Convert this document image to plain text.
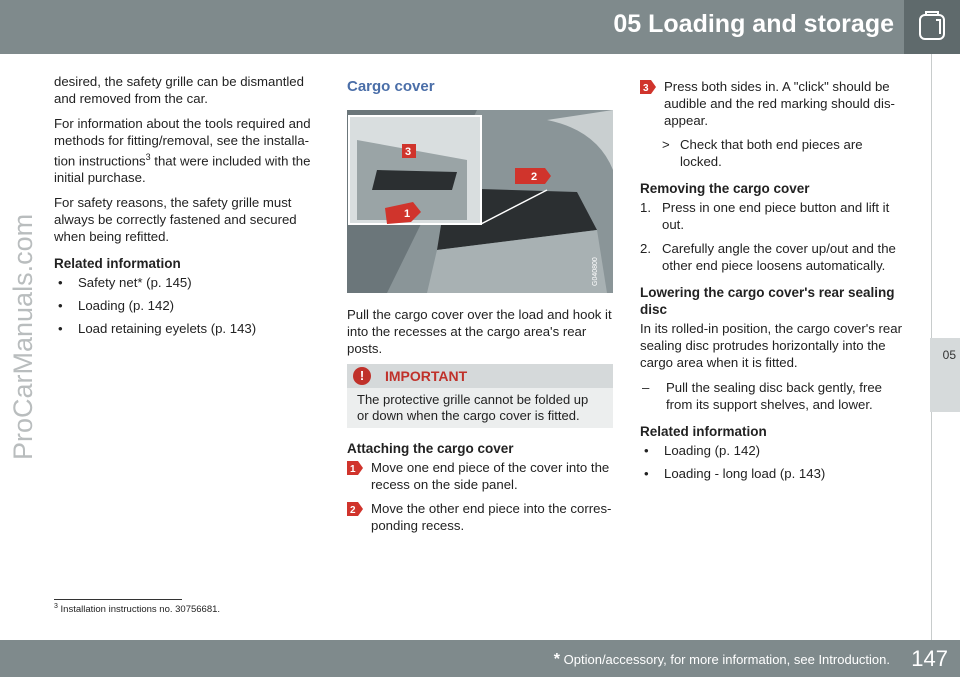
05 Loading and storage
05
ProCarManuals.com

desired, the safety grille can be dismantled and removed from the car.

For information about the tools required and methods for fitting/removal, see the installa-tion instructions$^3$ that were included with the initial purchase.

For safety reasons, the safety grille must always be correctly fastened and secured when being refitted.

Related information
• Safety net* (p. 145)
• Loading (p. 142)
• Load retaining eyelets (p. 143)

Cargo cover

3
2
1
G040800

Pull the cargo cover over the load and hook it into the recesses at the cargo area's rear posts.

!	IMPORTANT
The protective grille cannot be folded up or down when the cargo cover is fitted.
Attaching the cargo cover
1 Move one end piece of the cover into the recess on the side panel.
2 Move the other end piece into the corres-ponding recess.
3 Press both sides in. A "click" should be audible and the red marking should dis-appear.
> Check that both end pieces are locked.
Removing the cargo cover
1. Press in one end piece button and lift it out.
2. Carefully angle the cover up/out and the other end piece loosens automatically.
Lowering the cargo cover's rear sealing disc

In its rolled-in position, the cargo cover's rear sealing disc protrudes horizontally into the cargo area when it is fitted.

– Pull the sealing disc back gently, free from its support shelves, and lower.
Related information
• Loading (p. 142)
• Loading - long load (p. 143)
$^3$ Installation instructions no. 30756681.
* Option/accessory, for more information, see Introduction. 147
